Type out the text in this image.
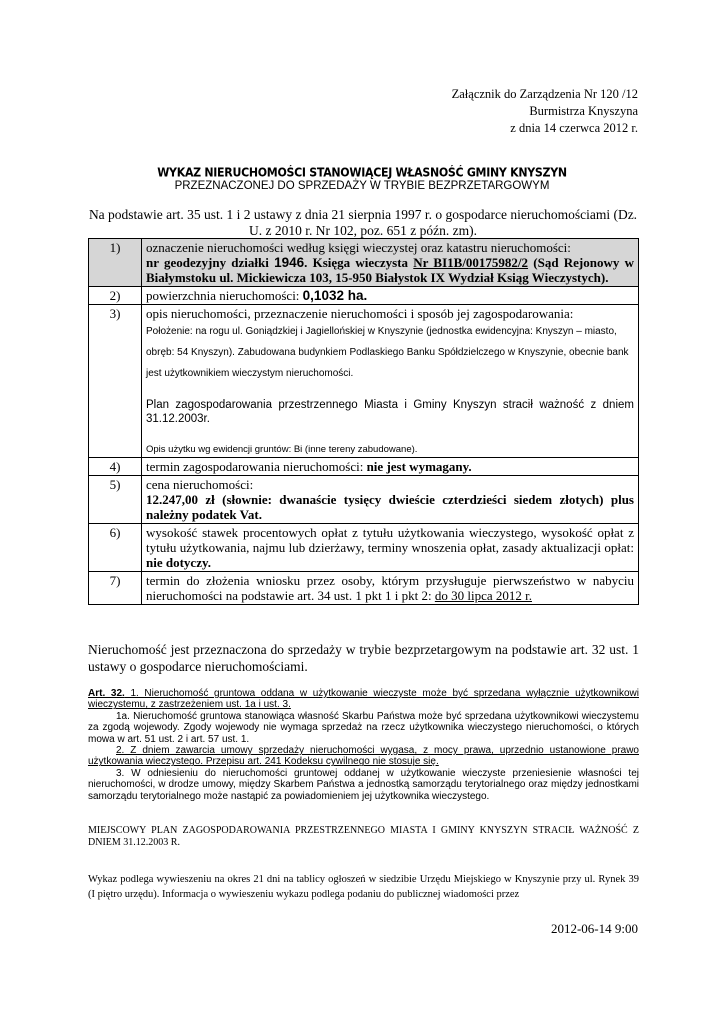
Załącznik do Zarządzenia Nr 120 /12
Burmistrza Knyszyna
z dnia 14 czerwca 2012 r.
WYKAZ NIERUCHOMOŚCI STANOWIĄCEJ WŁASNOŚĆ GMINY KNYSZYN
PRZEZNACZONEJ DO SPRZEDAŻY W TRYBIE BEZPRZETARGOWYM
Na podstawie art. 35 ust. 1 i 2 ustawy z dnia 21 sierpnia 1997 r. o gospodarce nieruchomościami (Dz. U. z 2010 r. Nr 102, poz. 651 z późn. zm).
1)	oznaczenie nieruchomości według księgi wieczystej oraz katastru nieruchomości:
nr geodezyjny działki 1946. Księga wieczysta Nr BI1B/00175982/2 (Sąd Rejonowy w Białymstoku ul. Mickiewicza 103, 15-950 Białystok IX Wydział Ksiąg Wieczystych).

2)	powierzchnia nieruchomości: 0,1032 ha.
3)	opis nieruchomości, przeznaczenie nieruchomości i sposób jej zagospodarowania:
Położenie: na rogu ul. Goniądzkiej i Jagiellońskiej w Knyszynie (jednostka ewidencyjna: Knyszyn – miasto, obręb: 54 Knyszyn). Zabudowana budynkiem Podlaskiego Banku Spółdzielczego w Knyszynie, obecnie bank jest użytkownikiem wieczystym nieruchomości.
Plan zagospodarowania przestrzennego Miasta i Gminy Knyszyn stracił ważność z dniem 31.12.2003r.
Opis użytku wg ewidencji gruntów: Bi (inne tereny zabudowane).

4)	termin zagospodarowania nieruchomości: nie jest wymagany.
5)	cena nieruchomości:
12.247,00 zł (słownie: dwanaście tysięcy dwieście czterdzieści siedem złotych) plus należny podatek Vat.

6)	wysokość stawek procentowych opłat z tytułu użytkowania wieczystego, wysokość opłat z tytułu użytkowania, najmu lub dzierżawy, terminy wnoszenia opłat, zasady aktualizacji opłat: nie dotyczy.
7)	termin do złożenia wniosku przez osoby, którym przysługuje pierwszeństwo w nabyciu nieruchomości na podstawie art. 34 ust. 1 pkt 1 i pkt 2: do 30 lipca 2012 r.
Nieruchomość jest przeznaczona do sprzedaży w trybie bezprzetargowym na podstawie art. 32 ust. 1 ustawy o gospodarce nieruchomościami.

Art. 32. 1. Nieruchomość gruntowa oddana w użytkowanie wieczyste może być sprzedana wyłącznie użytkownikowi wieczystemu, z zastrzeżeniem ust. 1a i ust. 3.

1a. Nieruchomość gruntowa stanowiąca własność Skarbu Państwa może być sprzedana użytkownikowi wieczystemu za zgodą wojewody. Zgody wojewody nie wymaga sprzedaż na rzecz użytkownika wieczystego nieruchomości, o których mowa w art. 51 ust. 2 i art. 57 ust. 1.

2. Z dniem zawarcia umowy sprzedaży nieruchomości wygasa, z mocy prawa, uprzednio ustanowione prawo użytkowania wieczystego. Przepisu art. 241 Kodeksu cywilnego nie stosuje się.

3. W odniesieniu do nieruchomości gruntowej oddanej w użytkowanie wieczyste przeniesienie własności tej nieruchomości, w drodze umowy, między Skarbem Państwa a jednostką samorządu terytorialnego oraz między jednostkami samorządu terytorialnego może nastąpić za powiadomieniem jej użytkownika wieczystego.

MIEJSCOWY PLAN ZAGOSPODAROWANIA PRZESTRZENNEGO MIASTA I GMINY KNYSZYN STRACIŁ WAŻNOŚĆ Z DNIEM 31.12.2003 R.
Wykaz podlega wywieszeniu na okres 21 dni na tablicy ogłoszeń w siedzibie Urzędu Miejskiego w Knyszynie przy ul. Rynek 39 (I piętro urzędu). Informacja o wywieszeniu wykazu podlega podaniu do publicznej wiadomości przez
2012-06-14 9:00
